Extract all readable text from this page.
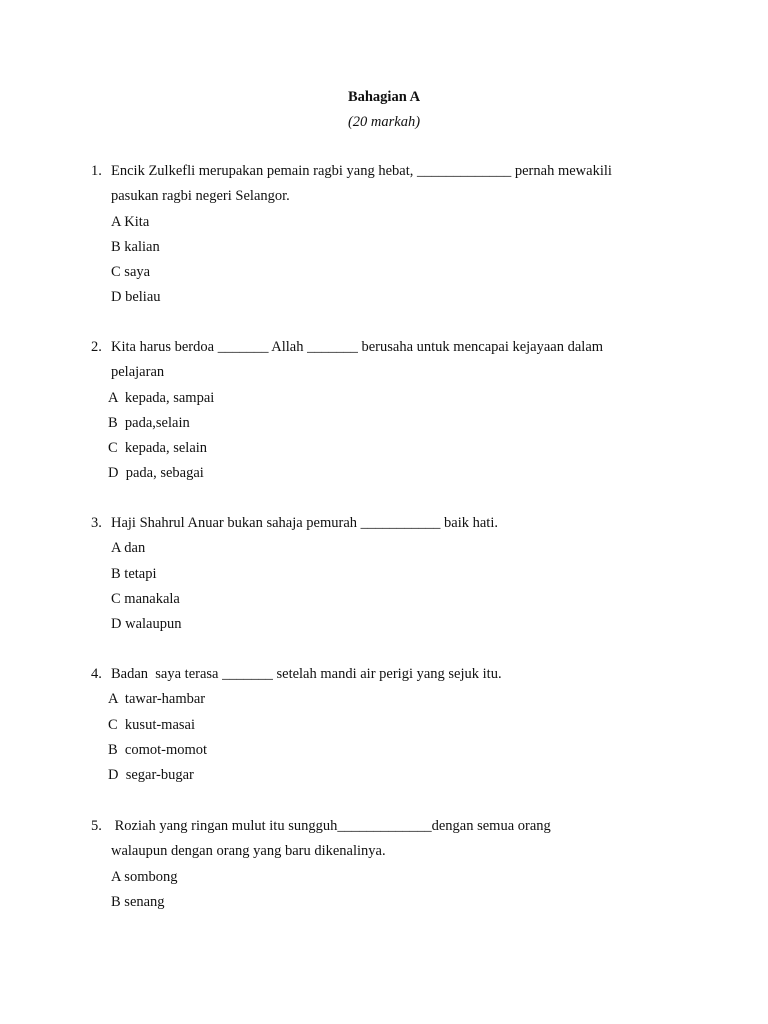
Bahagian A
(20 markah)
1. Encik Zulkefli merupakan pemain ragbi yang hebat, _____________ pernah mewakili
pasukan ragbi negeri Selangor.
A Kita
B kalian
C saya
D beliau
2. Kita harus berdoa _______ Allah _______ berusaha untuk mencapai kejayaan dalam
pelajaran
A  kepada, sampai
B  pada,selain
C  kepada, selain
D  pada, sebagai
3. Haji Shahrul Anuar bukan sahaja pemurah ___________ baik hati.
A dan
B tetapi
C manakala
D walaupun
4. Badan  saya terasa _______ setelah mandi air perigi yang sejuk itu.
A  tawar-hambar
C  kusut-masai
B  comot-momot
D  segar-bugar
5. Roziah yang ringan mulut itu sungguh_____________dengan semua orang
walaupun dengan orang yang baru dikenalinya.
A sombong
B senang
